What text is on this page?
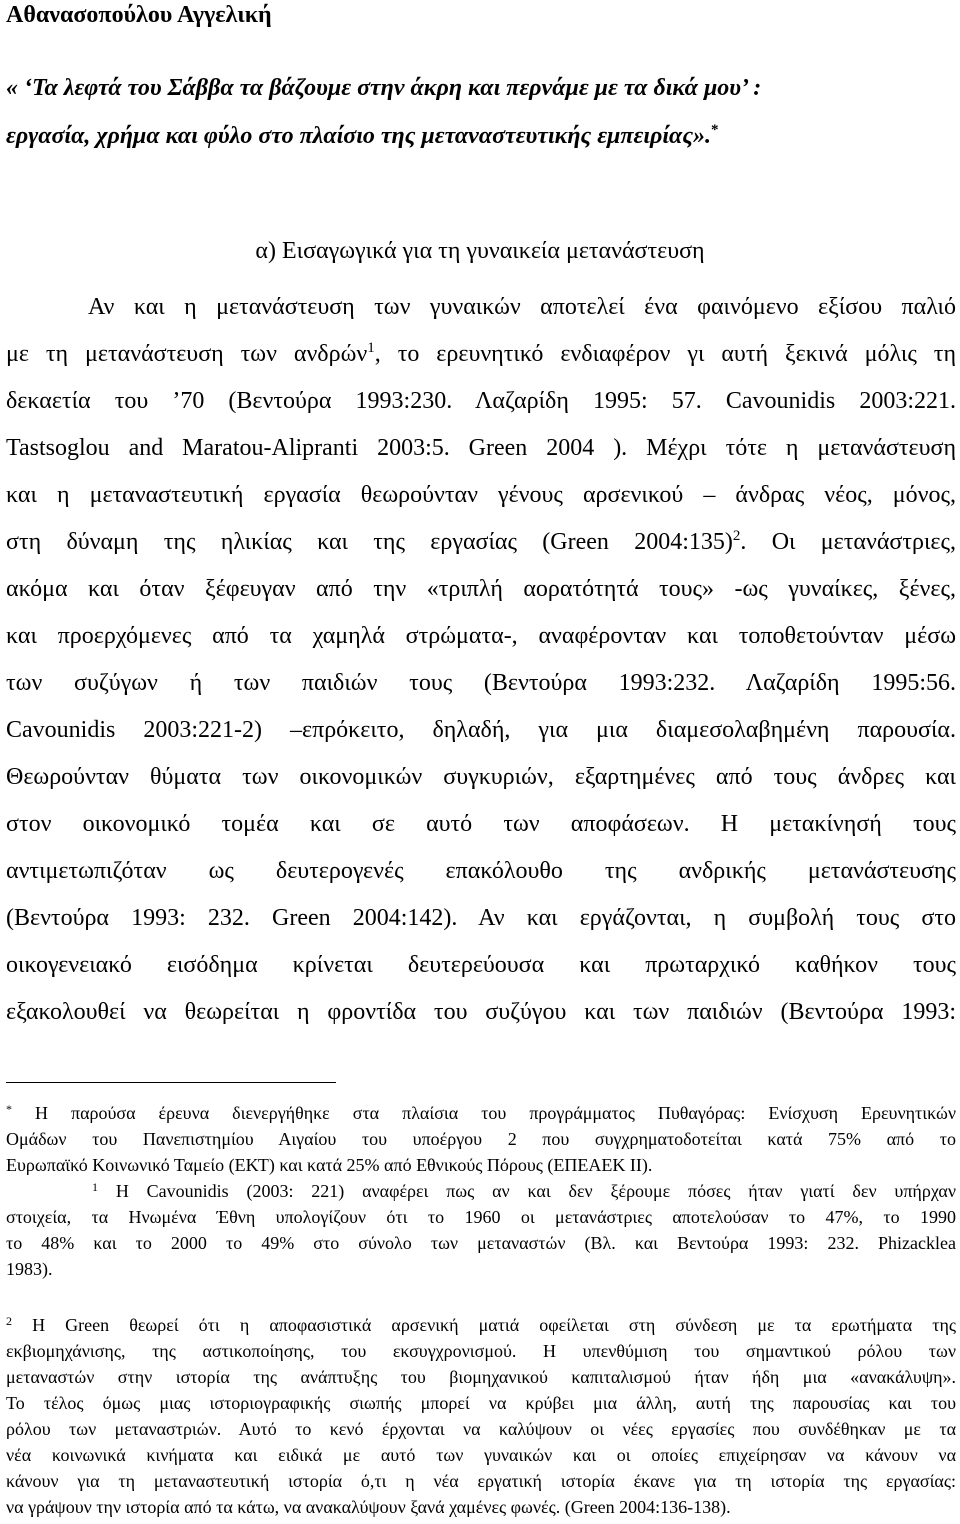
Αθανασοπούλου Αγγελική
« ‘Τα λεφτά του Σάββα τα βάζουμε στην άκρη και περνάμε με τα δικά μου’ :
εργασία, χρήμα και φύλο στο πλαίσιο της μεταναστευτικής εμπειρίας».*
α) Εισαγωγικά για τη γυναικεία μετανάστευση
Αν και η μετανάστευση των γυναικών αποτελεί ένα φαινόμενο εξίσου παλιό
με τη μετανάστευση των ανδρών$^1$, το ερευνητικό ενδιαφέρον γι αυτή ξεκινά μόλις τη
δεκαετία του ’70 (Βεντούρα 1993:230. Λαζαρίδη 1995: 57. Cavounidis 2003:221.
Tastsoglou and Maratou-Alipranti 2003:5. Green 2004 ). Μέχρι τότε η μετανάστευση
και η μεταναστευτική εργασία θεωρούνταν γένους αρσενικού – άνδρας νέος, μόνος,
στη δύναμη της ηλικίας και της εργασίας (Green 2004:135)$^2$. Οι μετανάστριες,
ακόμα και όταν ξέφευγαν από την «τριπλή αορατότητά τους» -ως γυναίκες, ξένες,
και προερχόμενες από τα χαμηλά στρώματα-, αναφέρονταν και τοποθετούνταν μέσω
των συζύγων ή των παιδιών τους (Βεντούρα 1993:232. Λαζαρίδη 1995:56.
Cavounidis 2003:221-2) –επρόκειτο, δηλαδή, για μια διαμεσολαβημένη παρουσία.
Θεωρούνταν θύματα των οικονομικών συγκυριών, εξαρτημένες από τους άνδρες και
στον οικονομικό τομέα και σε αυτό των αποφάσεων. Η μετακίνησή τους
αντιμετωπιζόταν ως δευτερογενές επακόλουθο της ανδρικής μετανάστευσης
(Βεντούρα 1993: 232. Green 2004:142). Αν και εργάζονται, η συμβολή τους στο
οικογενειακό εισόδημα κρίνεται δευτερεύουσα και πρωταρχικό καθήκον τους
εξακολουθεί να θεωρείται η φροντίδα του συζύγου και των παιδιών (Βεντούρα 1993:
* Η παρούσα έρευνα διενεργήθηκε στα πλαίσια του προγράμματος Πυθαγόρας: Ενίσχυση Ερευνητικών
Ομάδων του Πανεπιστημίου Αιγαίου του υποέργου 2 που συγχρηματοδοτείται κατά 75% από το
Ευρωπαϊκό Κοινωνικό Ταμείο (ΕΚΤ) και κατά 25% από Εθνικούς Πόρους (ΕΠΕΑΕΚ ΙΙ).
$^1$ Η Cavounidis (2003: 221) αναφέρει πως αν και δεν ξέρουμε πόσες ήταν γιατί δεν υπήρχαν
στοιχεία, τα Ηνωμένα Έθνη υπολογίζουν ότι το 1960 οι μετανάστριες αποτελούσαν το 47%, το 1990
το 48% και το 2000 το 49% στο σύνολο των μεταναστών (Βλ. και Βεντούρα 1993: 232. Phizacklea
1983).
$^2$ Η Green θεωρεί ότι η αποφασιστικά αρσενική ματιά οφείλεται στη σύνδεση με τα ερωτήματα της
εκβιομηχάνισης, της αστικοποίησης, του εκσυγχρονισμού. Η υπενθύμιση του σημαντικού ρόλου των
μεταναστών στην ιστορία της ανάπτυξης του βιομηχανικού καπιταλισμού ήταν ήδη μια «ανακάλυψη».
Το τέλος όμως μιας ιστοριογραφικής σιωπής μπορεί να κρύβει μια άλλη, αυτή της παρουσίας και του
ρόλου των μεταναστριών. Αυτό το κενό έρχονται να καλύψουν οι νέες εργασίες που συνδέθηκαν με τα
νέα κοινωνικά κινήματα και ειδικά με αυτό των γυναικών και οι οποίες επιχείρησαν να κάνουν να
κάνουν για τη μεταναστευτική ιστορία ό,τι η νέα εργατική ιστορία έκανε για τη ιστορία της εργασίας:
να γράψουν την ιστορία από τα κάτω, να ανακαλύψουν ξανά χαμένες φωνές. (Green 2004:136-138).
